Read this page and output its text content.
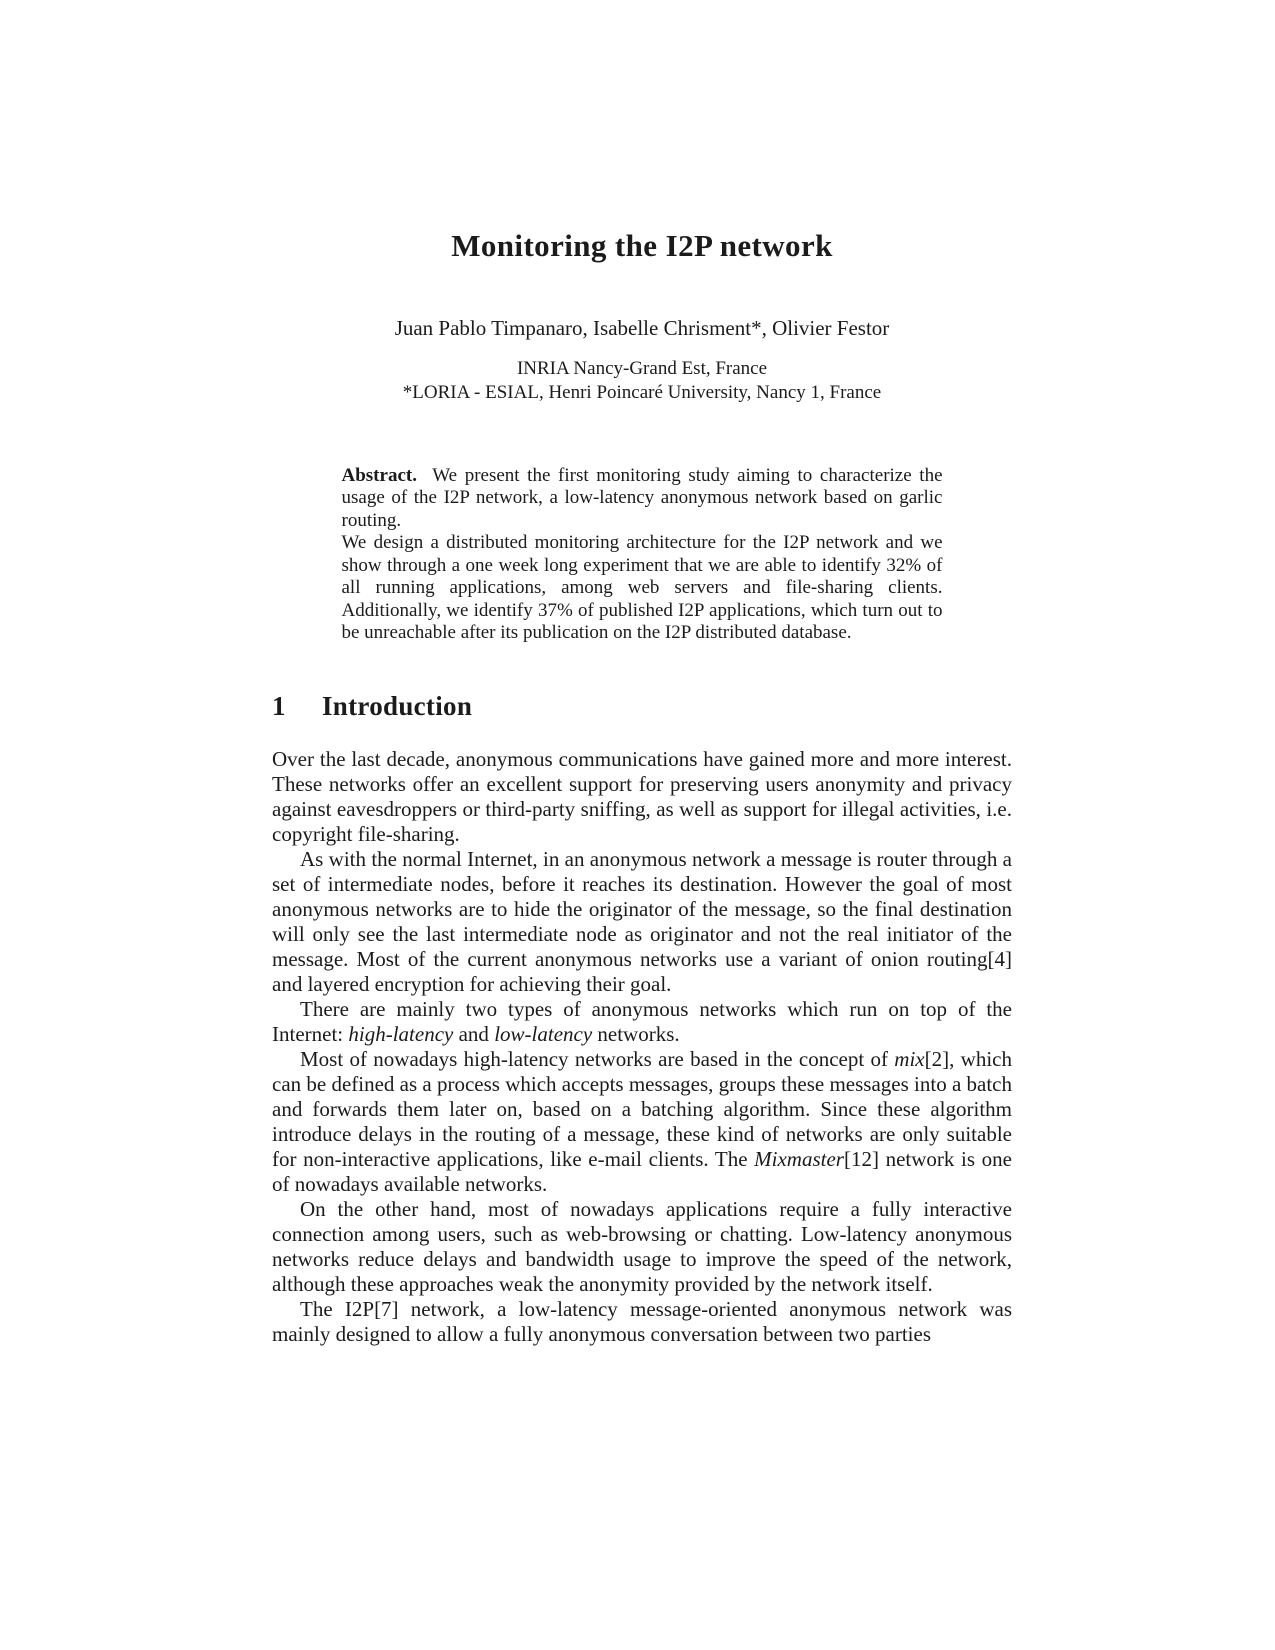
Monitoring the I2P network
Juan Pablo Timpanaro, Isabelle Chrisment*, Olivier Festor
INRIA Nancy-Grand Est, France
*LORIA - ESIAL, Henri Poincaré University, Nancy 1, France

Abstract. We present the first monitoring study aiming to characterize the usage of the I2P network, a low-latency anonymous network based on garlic routing.

We design a distributed monitoring architecture for the I2P network and we show through a one week long experiment that we are able to identify 32% of all running applications, among web servers and file-sharing clients. Additionally, we identify 37% of published I2P applications, which turn out to be unreachable after its publication on the I2P distributed database.

1 Introduction

Over the last decade, anonymous communications have gained more and more interest. These networks offer an excellent support for preserving users anonymity and privacy against eavesdroppers or third-party sniffing, as well as support for illegal activities, i.e. copyright file-sharing.

As with the normal Internet, in an anonymous network a message is router through a set of intermediate nodes, before it reaches its destination. However the goal of most anonymous networks are to hide the originator of the message, so the final destination will only see the last intermediate node as originator and not the real initiator of the message. Most of the current anonymous networks use a variant of onion routing[4] and layered encryption for achieving their goal.

There are mainly two types of anonymous networks which run on top of the Internet: high-latency and low-latency networks.

Most of nowadays high-latency networks are based in the concept of mix[2], which can be defined as a process which accepts messages, groups these messages into a batch and forwards them later on, based on a batching algorithm. Since these algorithm introduce delays in the routing of a message, these kind of networks are only suitable for non-interactive applications, like e-mail clients. The Mixmaster[12] network is one of nowadays available networks.

On the other hand, most of nowadays applications require a fully interactive connection among users, such as web-browsing or chatting. Low-latency anonymous networks reduce delays and bandwidth usage to improve the speed of the network, although these approaches weak the anonymity provided by the network itself.

The I2P[7] network, a low-latency message-oriented anonymous network was mainly designed to allow a fully anonymous conversation between two parties
